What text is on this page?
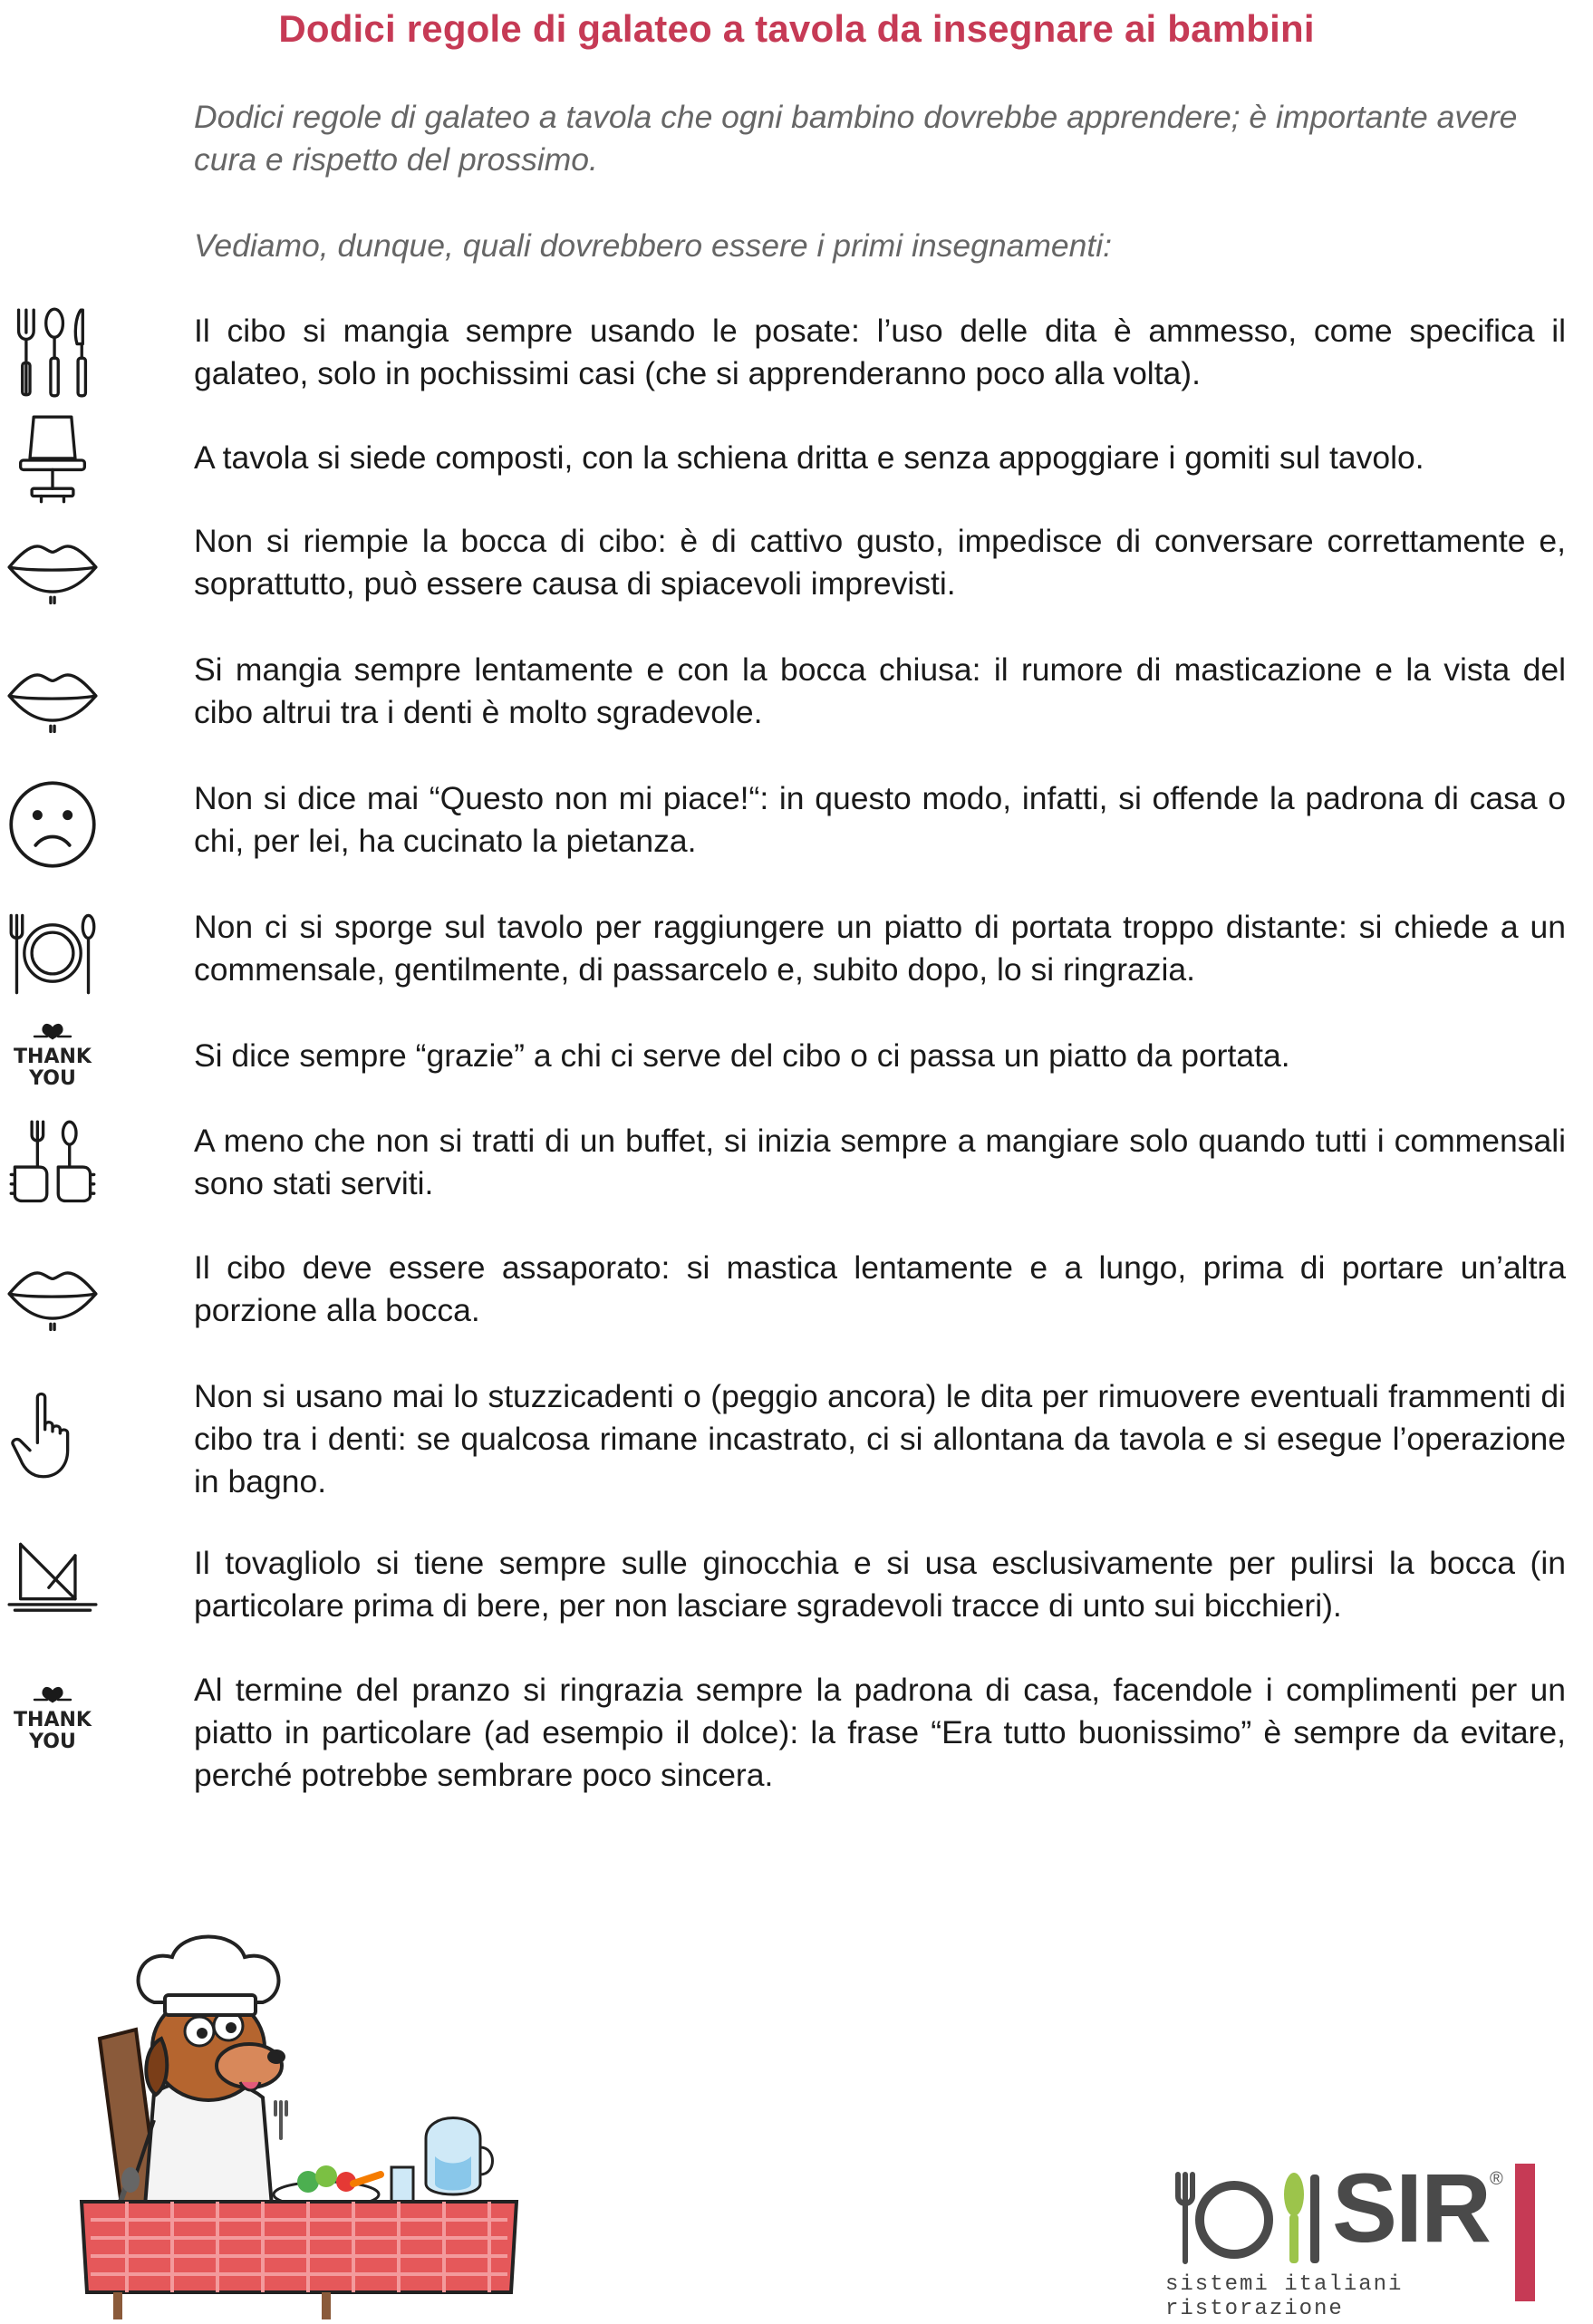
Dodici regole di galateo a tavola da insegnare ai bambini
Dodici regole di galateo a tavola che ogni bambino dovrebbe apprendere; è importante avere cura e rispetto del prossimo.
Vediamo, dunque, quali dovrebbero essere i primi insegnamenti:

Il cibo si mangia sempre usando le posate: l’uso delle dita è ammesso, come specifica il galateo, solo in pochissimi casi (che si apprenderanno poco alla volta).

A tavola si siede composti, con la schiena dritta e senza appoggiare i gomiti sul tavolo.

Non si riempie la bocca di cibo: è di cattivo gusto, impedisce di conversare correttamente e, soprattutto, può essere causa di spiacevoli imprevisti.

Si mangia sempre lentamente e con la bocca chiusa: il rumore di masticazione e la vista del cibo altrui tra i denti è molto sgradevole.

Non si dice mai “Questo non mi piace!“: in questo modo, infatti, si offende la padrona di casa o chi, per lei, ha cucinato la pietanza.

Non ci si sporge sul tavolo per raggiungere un piatto di portata troppo distante: si chiede a un commensale, gentilmente, di passarcelo e, subito dopo, lo si ringrazia.

THANK
YOU

Si dice sempre “grazie” a chi ci serve del cibo o ci passa un piatto da portata.

A meno che non si tratti di un buffet, si inizia sempre a mangiare solo quando tutti i commensali sono stati serviti.

Il cibo deve essere assaporato: si mastica lentamente e a lungo, prima di portare un’altra porzione alla bocca.

Non si usano mai lo stuzzicadenti o (peggio ancora) le dita per rimuovere eventuali frammenti di cibo tra i denti: se qualcosa rimane incastrato, ci si allontana da tavola e si esegue l’operazione in bagno.

Il tovagliolo si tiene sempre sulle ginocchia e si usa esclusivamente per pulirsi la bocca (in particolare prima di bere, per non lasciare sgradevoli tracce di unto sui bicchieri).

THANK
YOU

Al termine del pranzo si ringrazia sempre la padrona di casa, facendole i complimenti per un piatto in particolare (ad esempio il dolce): la frase “Era tutto buonissimo” è sempre da evitare, perché potrebbe sembrare poco sincera.

SIR ®
sistemi italiani ristorazione
